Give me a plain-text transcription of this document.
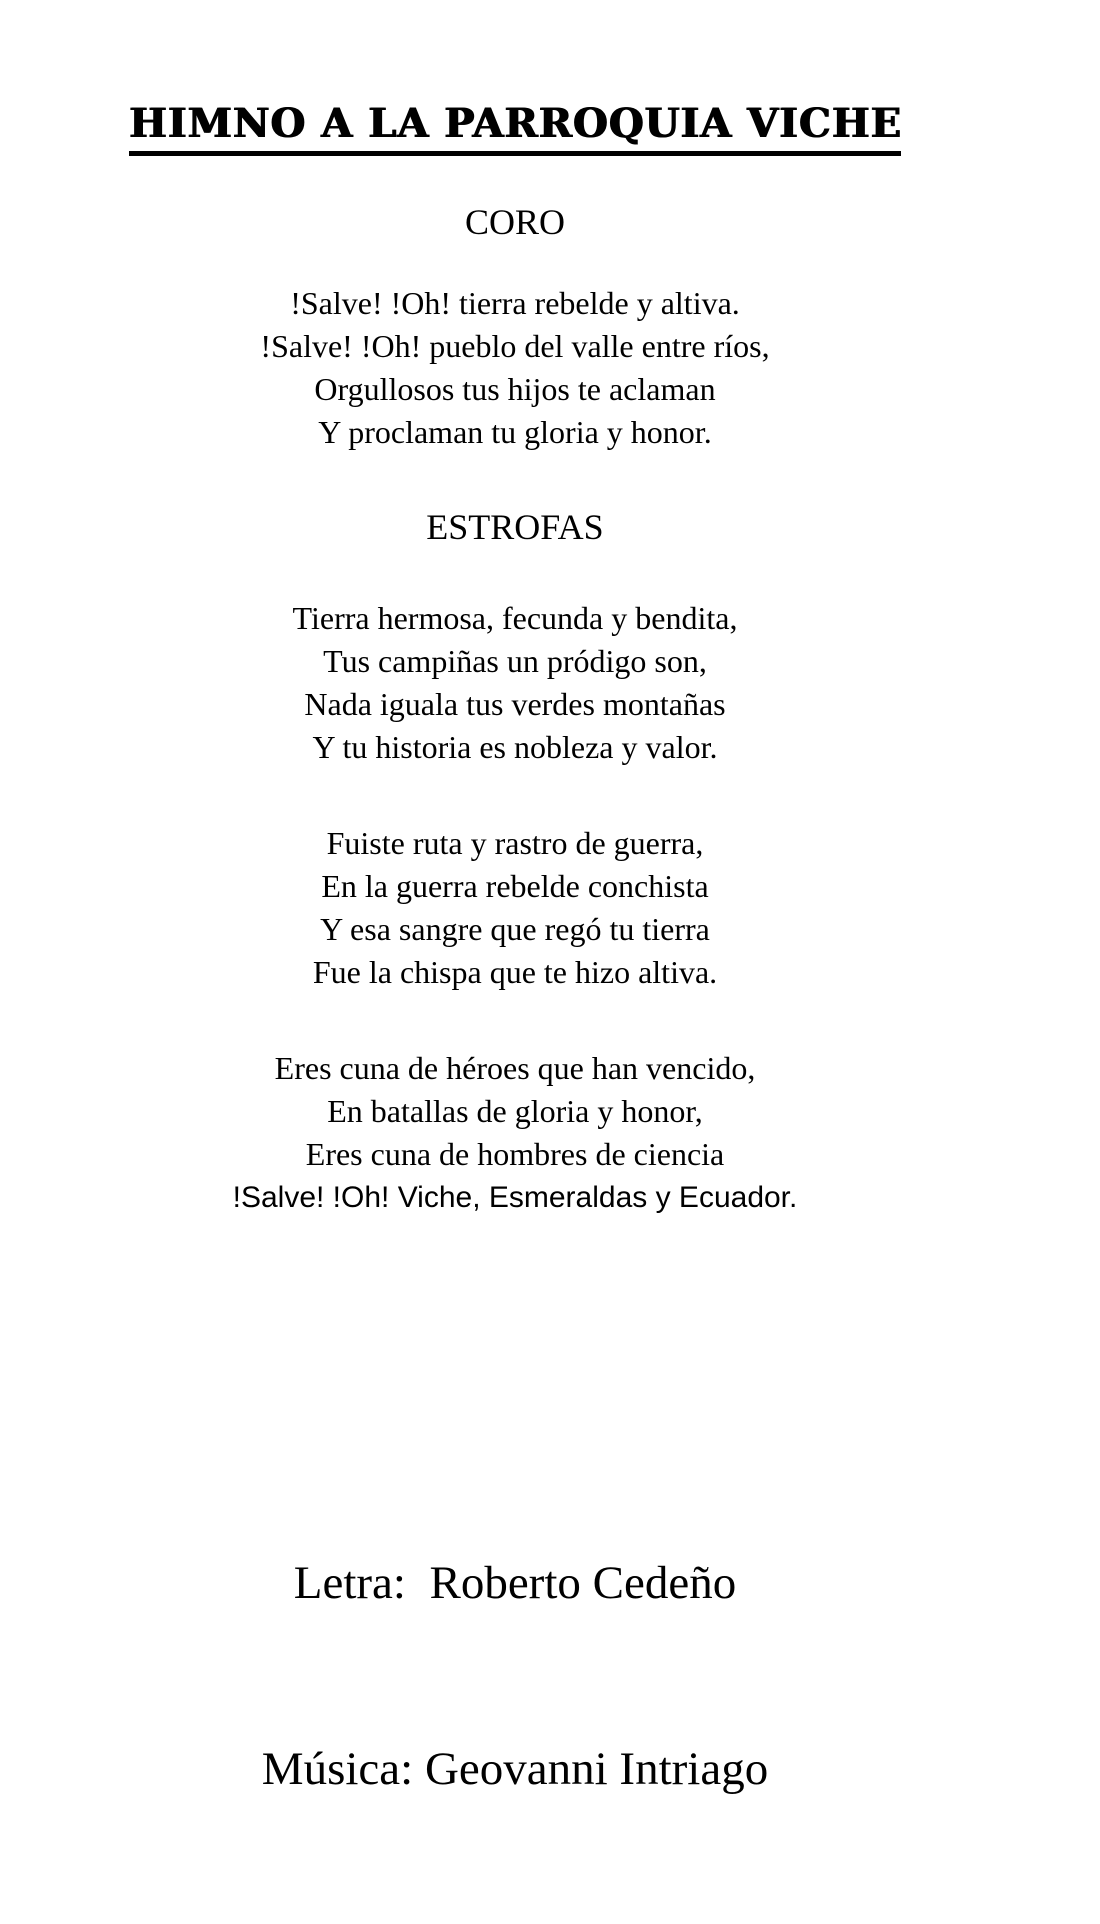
HIMNO A LA PARROQUIA VICHE
CORO
!Salve! !Oh! tierra rebelde y altiva.
!Salve! !Oh! pueblo del valle entre ríos,
Orgullosos tus hijos te aclaman
Y proclaman tu gloria y honor.
ESTROFAS
Tierra hermosa, fecunda y bendita,
Tus campiñas un pródigo son,
Nada iguala tus verdes montañas
Y tu historia es nobleza y valor.
Fuiste ruta y rastro de guerra,
En la guerra rebelde conchista
Y esa sangre que regó tu tierra
Fue la chispa que te hizo altiva.
Eres cuna de héroes que han vencido,
En batallas de gloria y honor,
Eres cuna de hombres de ciencia
!Salve! !Oh! Viche, Esmeraldas y Ecuador.

Letra:  Roberto Cedeño

Música: Geovanni Intriago
